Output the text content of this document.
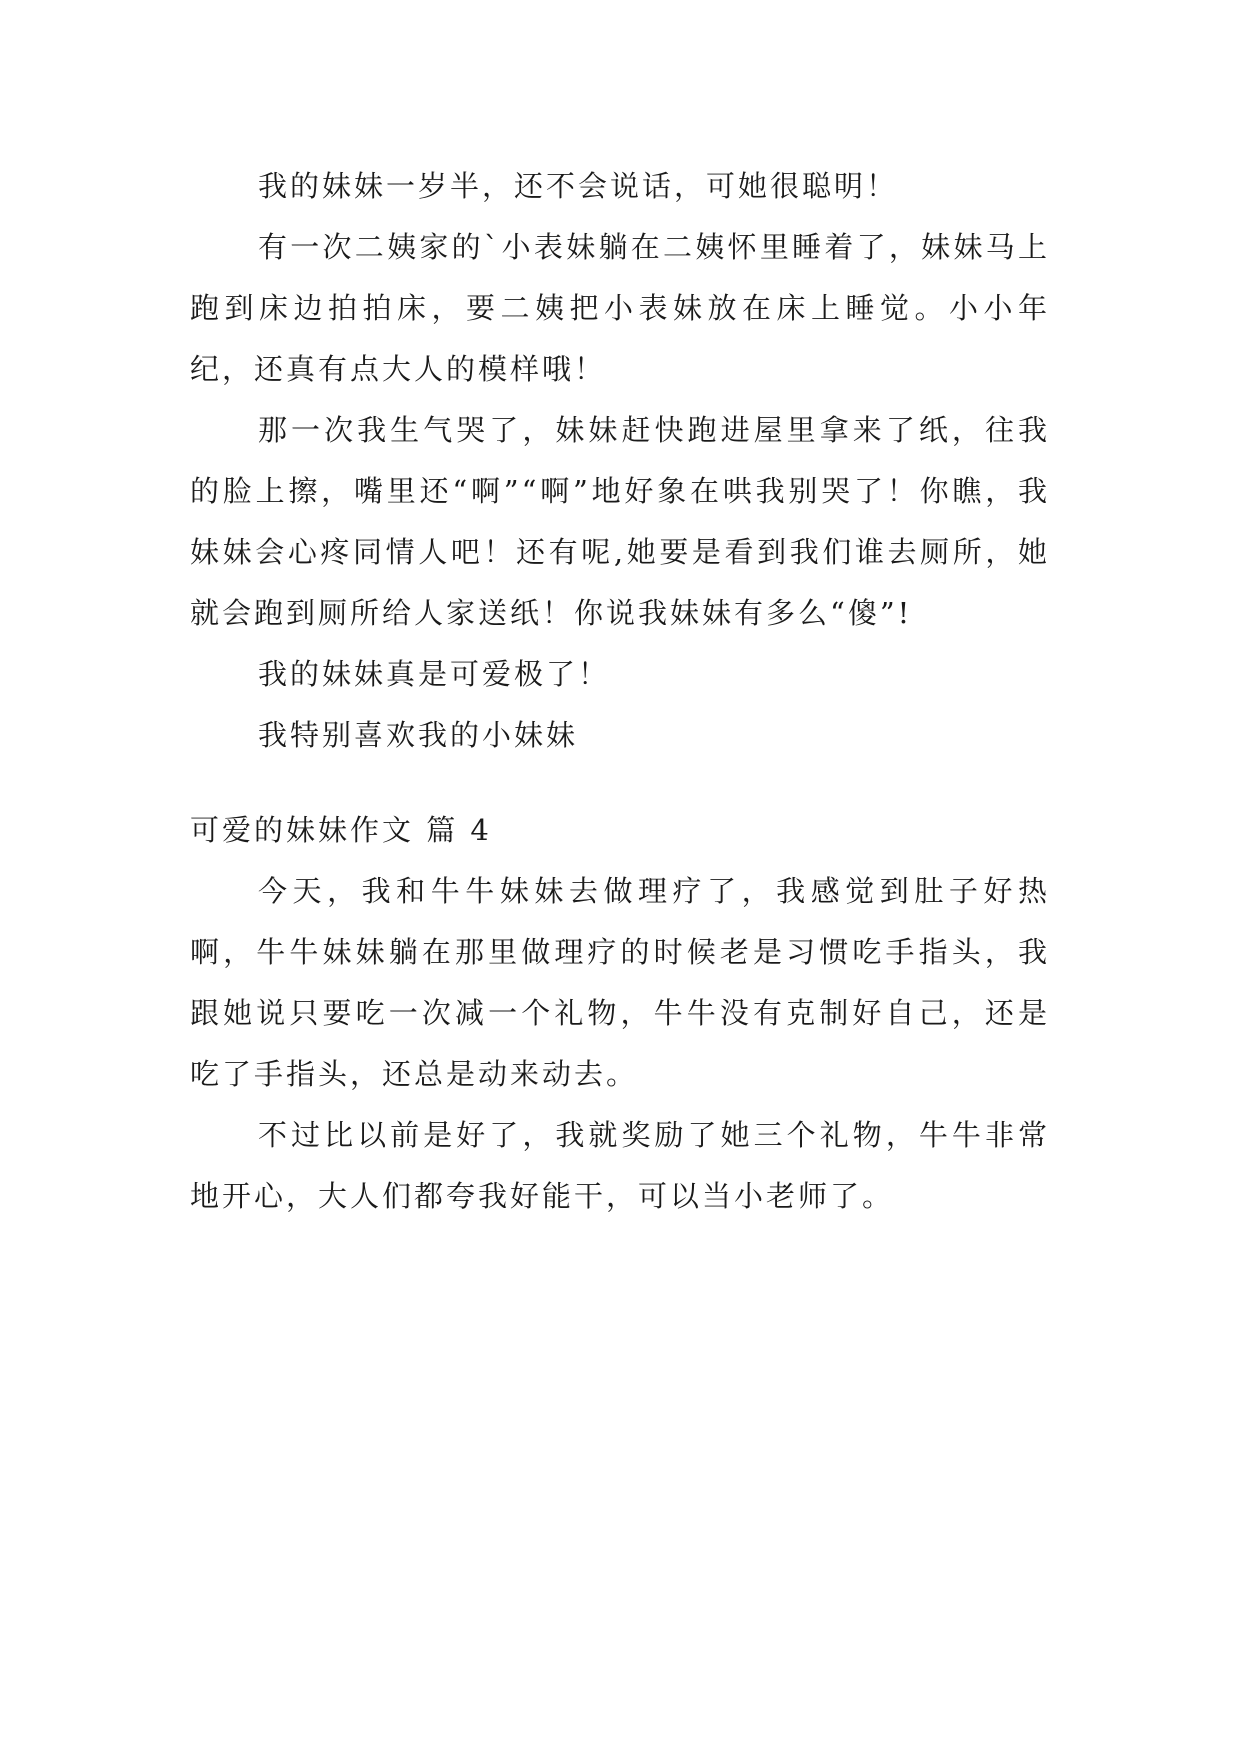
我的妹妹一岁半，还不会说话，可她很聪明！

有一次二姨家的`小表妹躺在二姨怀里睡着了，妹妹马上跑到床边拍拍床，要二姨把小表妹放在床上睡觉。小小年纪，还真有点大人的模样哦！

那一次我生气哭了，妹妹赶快跑进屋里拿来了纸，往我的脸上擦，嘴里还“啊”“啊”地好象在哄我别哭了！你瞧，我妹妹会心疼同情人吧！还有呢,她要是看到我们谁去厕所，她就会跑到厕所给人家送纸！你说我妹妹有多么“傻”!

我的妹妹真是可爱极了！

我特别喜欢我的小妹妹

可爱的妹妹作文 篇 4

今天，我和牛牛妹妹去做理疗了，我感觉到肚子好热啊，牛牛妹妹躺在那里做理疗的时候老是习惯吃手指头，我跟她说只要吃一次减一个礼物，牛牛没有克制好自己，还是吃了手指头，还总是动来动去。

不过比以前是好了，我就奖励了她三个礼物，牛牛非常地开心，大人们都夸我好能干，可以当小老师了。
